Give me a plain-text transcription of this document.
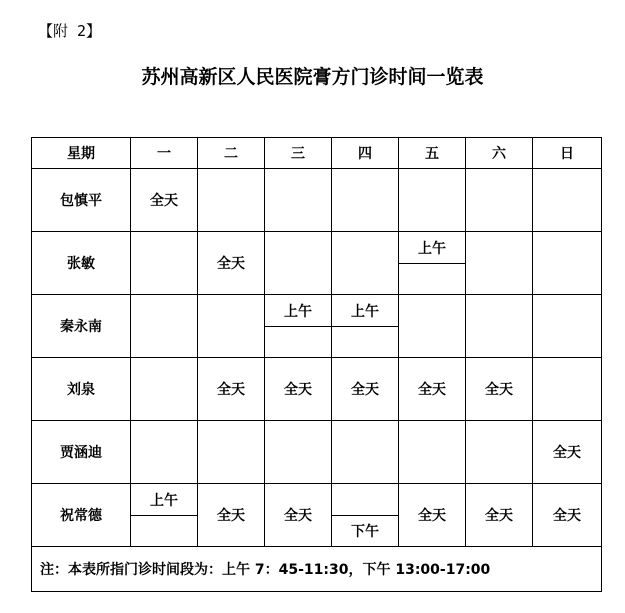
【附 2】
苏州高新区人民医院膏方门诊时间一览表
星期	一	二	三	四	五	六	日
包慎平	全天						
张敏		全天			上午		

秦永南			上午	上午			

刘泉		全天	全天	全天	全天	全天	
贾涵迪							全天
祝常德	上午	全天	全天	下午	全天	全天	全天
注：本表所指门诊时间段为：上午 7：45-11:30，下午 13:00-17:00							
